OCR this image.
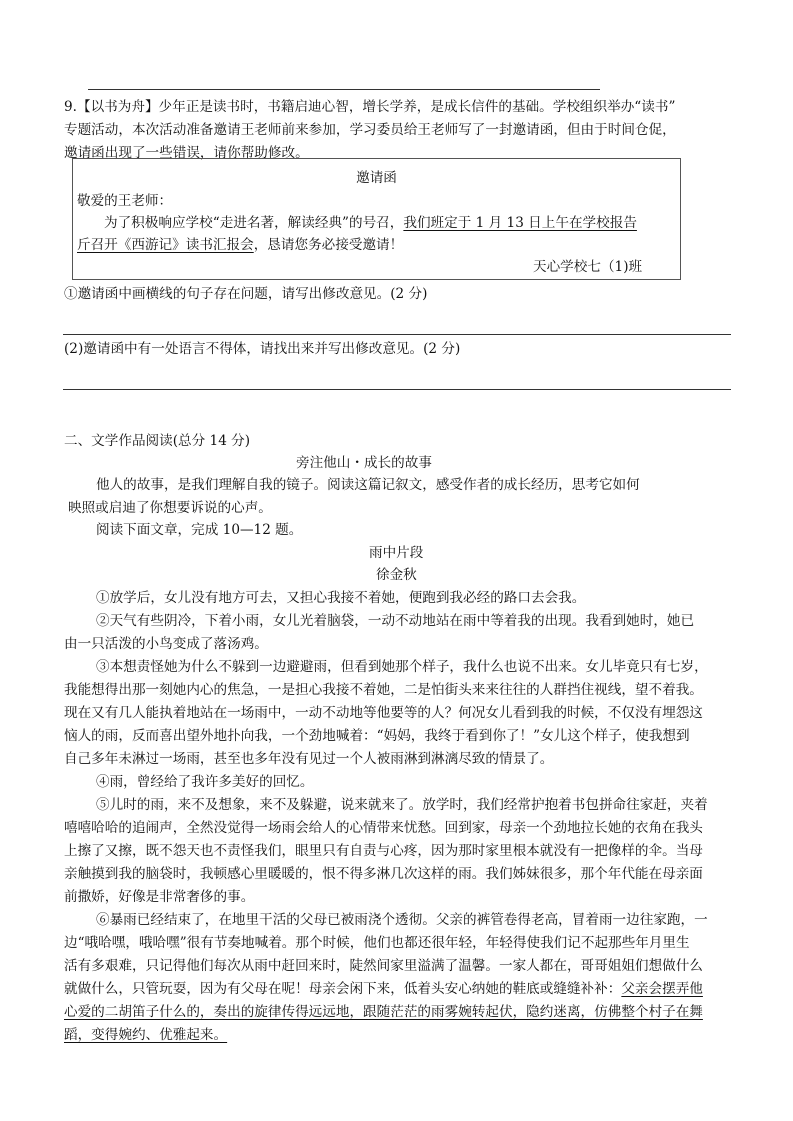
9.【以书为舟】少年正是读书时，书籍启迪心智，增长学养，是成长信件的基础。学校组织举办“读书”
专题活动，本次活动准备邀请王老师前来参加，学习委员给王老师写了一封邀请函，但由于时间仓促，
邀请函出现了一些错误，请你帮助修改。
邀请函
敬爱的王老师：
为了积极响应学校“走进名著，解读经典”的号召，我们班定于 1 月 13 日上午在学校报告
斤召开《西游记》读书汇报会，恳请您务必接受邀请！
天心学校七（1)班
①邀请函中画横线的句子存在问题，请写出修改意见。(2 分)
(2)邀请函中有一处语言不得体，请找出来并写出修改意见。(2 分)
二、文学作品阅读(总分 14 分)
旁注他山・成长的故事
他人的故事，是我们理解自我的镜子。阅读这篇记叙文，感受作者的成长经历，思考它如何
映照或启迪了你想要诉说的心声。
阅读下面文章，完成 10—12 题。
雨中片段
徐金秋
①放学后，女儿没有地方可去，又担心我接不着她，便跑到我必经的路口去会我。
②天气有些阴冷，下着小雨，女儿光着脑袋，一动不动地站在雨中等着我的出现。我看到她时，她已
由一只活泼的小鸟变成了落汤鸡。
③本想责怪她为什么不躲到一边避避雨，但看到她那个样子，我什么也说不出来。女儿毕竟只有七岁，
我能想得出那一刻她内心的焦急，一是担心我接不着她，二是怕街头来来往往的人群挡住视线，望不着我。
现在又有几人能执着地站在一场雨中，一动不动地等他要等的人？何况女儿看到我的时候，不仅没有埋怨这
恼人的雨，反而喜出望外地扑向我，一个劲地喊着：“妈妈，我终于看到你了！”女儿这个样子，使我想到
自己多年未淋过一场雨，甚至也多年没有见过一个人被雨淋到淋漓尽致的情景了。
④雨，曾经给了我许多美好的回忆。
⑤儿时的雨，来不及想象，来不及躲避，说来就来了。放学时，我们经常护抱着书包拼命往家赶，夹着
嘻嘻哈哈的追闹声，全然没觉得一场雨会给人的心情带来忧愁。回到家，母亲一个劲地拉长她的衣角在我头
上擦了又擦，既不怨天也不责怪我们，眼里只有自责与心疼，因为那时家里根本就没有一把像样的伞。当母
亲触摸到我的脑袋时，我顿感心里暖暖的，恨不得多淋几次这样的雨。我们姊妹很多，那个年代能在母亲面
前撒娇，好像是非常奢侈的事。
⑥暴雨已经结束了，在地里干活的父母已被雨浇个透彻。父亲的裤管卷得老高，冒着雨一边往家跑，一
边“哦哈嘿，哦哈嘿”很有节奏地喊着。那个时候，他们也都还很年轻，年轻得使我们记不起那些年月里生
活有多艰难，只记得他们每次从雨中赶回来时，陡然间家里溢满了温馨。一家人都在，哥哥姐姐们想做什么
就做什么，只管玩耍，因为有父母在呢！母亲会闲下来，低着头安心纳她的鞋底或缝缝补补：父亲会摆弄他
心爱的二胡笛子什么的，奏出的旋律传得远远地，跟随茫茫的雨雾婉转起伏，隐约迷离，仿佛整个村子在舞
蹈，变得婉约、优雅起来。
